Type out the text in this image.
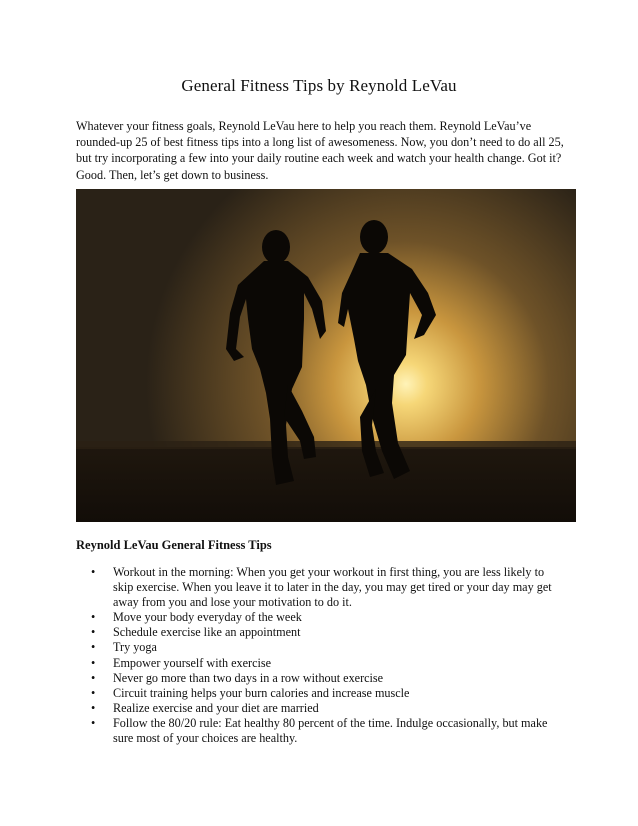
General Fitness Tips by Reynold LeVau
Whatever your fitness goals, Reynold LeVau here to help you reach them. Reynold LeVau’ve rounded-up 25 of best fitness tips into a long list of awesomeness. Now, you don’t need to do all 25, but try incorporating a few into your daily routine each week and watch your health change. Got it? Good. Then, let’s get down to business.
Reynold LeVau General Fitness Tips
• Workout in the morning: When you get your workout in first thing, you are less likely to skip exercise. When you leave it to later in the day, you may get tired or your day may get away from you and lose your motivation to do it.
• Move your body everyday of the week
• Schedule exercise like an appointment
• Try yoga
• Empower yourself with exercise
• Never go more than two days in a row without exercise
• Circuit training helps your burn calories and increase muscle
• Realize exercise and your diet are married
• Follow the 80/20 rule: Eat healthy 80 percent of the time. Indulge occasionally, but make sure most of your choices are healthy.
